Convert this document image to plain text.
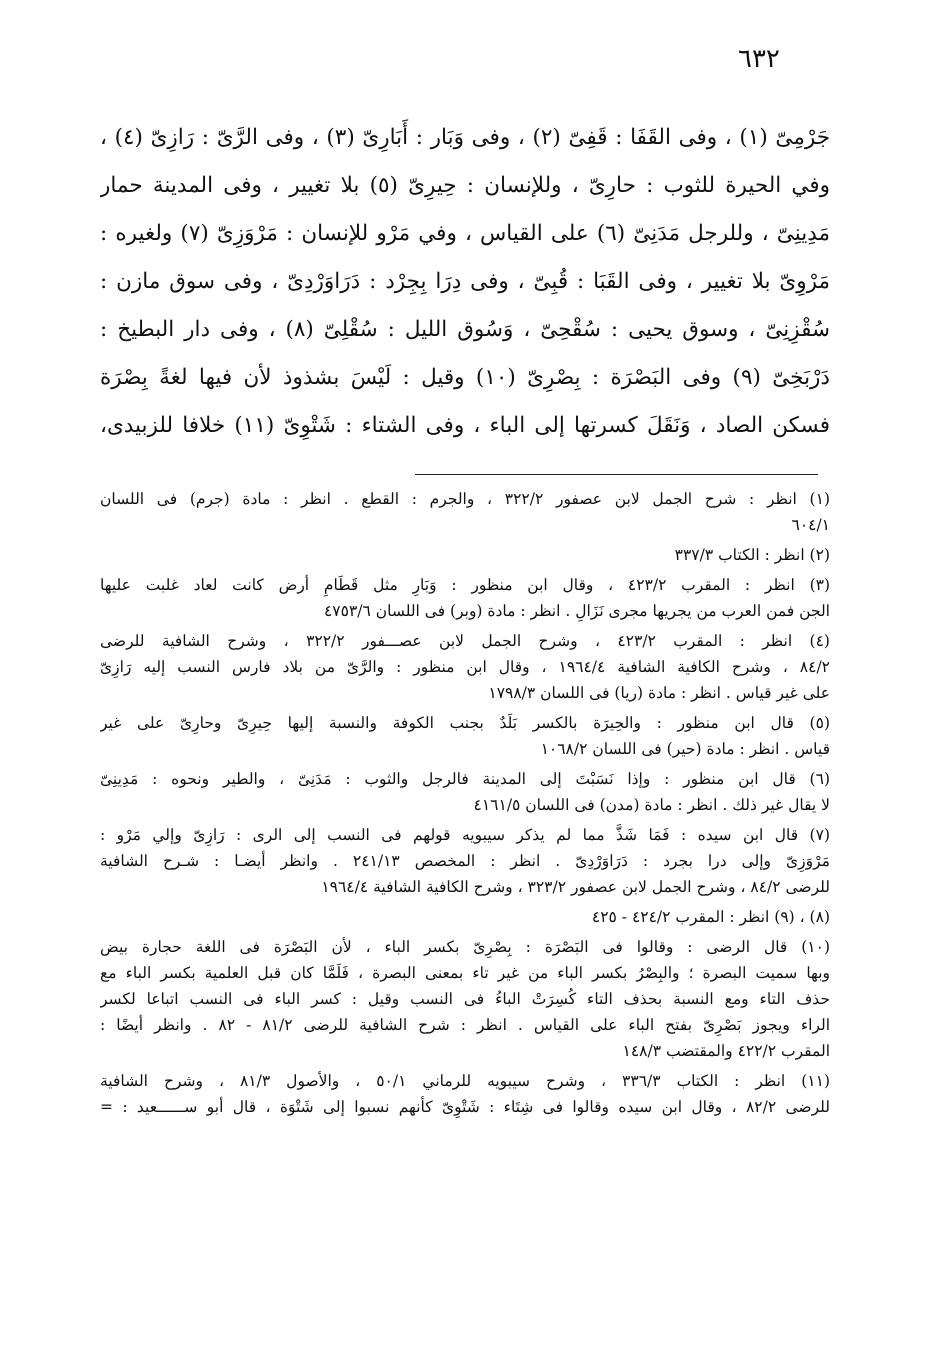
٦٣٢

جَرْمِىّ (١) ، وفى القَفَا : قَفِىّ (٢) ، وفى وَبَار : أَبَارِىّ (٣) ، وفى الرَّىّ : رَازِىّ (٤) ،
وفي الحيرة للثوب : حارِىّ ، وللإنسان : حِيرِىّ (٥) بلا تغيير ، وفى المدينة حمار
مَدِينِىّ ، وللرجل مَدَنِىّ (٦) على القياس ، وفي مَرْو للإنسان : مَرْوَزِىّ (٧) ولغيره :
مَرْوِىّ بلا تغيير ، وفى القَبَا : قُبِىّ ، وفى دِرَا بِجِرْد : دَرَاوَرْدِىّ ، وفى سوق مازن :
سُقْزِنِىّ ، وسوق يحيى : سُقْحِىّ ، وَسُوق الليل : سُقْلِىّ (٨) ، وفى دار البطيخ :
دَرْبَخِىّ (٩) وفى البَصْرَة : بِصْرِىّ (١٠) وقيل : لَيْسَ بشذوذ لأن فيها لغةً بِصْرَة
فسكن الصاد ، وَنَقَلَ كسرتها إلى الباء ، وفى الشتاء : شَتْوِىّ (١١) خلافا للزبيدى،

(١) انظر : شرح الجمل لابن عصفور ٣٢٢/٢ ، والجرم : القطع . انظر : مادة (جرم) فى اللسان
٦٠٤/١
(٢) انظر : الكتاب ٣٣٧/٣
(٣) انظر : المقرب ٤٢٣/٢ ، وقال ابن منظور : وَبَارِ مثل قَطَامِ أرض كانت لعاد غلبت عليها
الجن فمن العرب من يجريها مجرى نَزَالِ . انظر : مادة (وبر) فى اللسان ٤٧٥٣/٦
(٤) انظر : المقرب ٤٢٣/٢ ، وشرح الجمل لابن عصـــفور ٣٢٢/٢ ، وشرح الشافية للرضى
٨٤/٢ ، وشرح الكافية الشافية ١٩٦٤/٤ ، وقال ابن منظور : والرَّىّ من بلاد فارس النسب إليه رَازِىّ
على غير قياس . انظر : مادة (ريا) فى اللسان ١٧٩٨/٣
(٥) قال ابن منظور : والحِيرَة بالكسر بَلَدٌ بجنب الكوفة والنسبة إليها حِيرِىّ وحارِىّ على غير
قياس . انظر : مادة (حير) فى اللسان ١٠٦٨/٢
(٦) قال ابن منظور : وإذا نَسَبْتَ إلى المدينة فالرجل والثوب : مَدَنِىّ ، والطير ونحوه : مَدِينِىّ
لا يقال غير ذلك . انظر : مادة (مدن) فى اللسان ٤١٦١/٥
(٧) قال ابن سيده : فَمَا شَذَّ مما لم يذكر سيبويه قولهم فى النسب إلى الرى : رَازِىّ وإلي مَرْو :
مَرْوَزِىّ وإلى درا بجرد : دَرَاوَرْدِىّ . انظر : المخصص ٢٤١/١٣ . وانظر أيضـا : شـرح الشافية
للرضى ٨٤/٢ ، وشرح الجمل لابن عصفور ٣٢٣/٢ ، وشرح الكافية الشافية ١٩٦٤/٤
(٨) ، (٩) انظر : المقرب ٤٢٤/٢ - ٤٢٥
(١٠) قال الرضى : وقالوا فى البَصْرَة : بِصْرِىّ بكسر الباء ، لأن البَصْرَة فى اللغة حجارة بيض
وبها سميت البصرة ؛ والبِصْرُ بكسر الباء من غير تاء بمعنى البصرة ، فَلَمَّا كان قبل العلمية بكسر الباء مع
حذف التاء ومع النسبة بحذف التاء كُسِرَتْ الباءُ فى النسب وقيل : كسر الباء فى النسب اتباعا لكسر
الراء ويجوز بَصْرِىّ بفتح الباء على القياس . انظر : شرح الشافية للرضى ٨١/٢ - ٨٢ . وانظر أيضًا :
المقرب ٤٢٢/٢ والمقتضب ١٤٨/٣
(١١) انظر : الكتاب ٣٣٦/٣ ، وشرح سيبويه للرماني ٥٠/١ ، والأصول ٨١/٣ ، وشرح الشافية
للرضى ٨٢/٢ ، وقال ابن سيده وقالوا فى شِتَاء : شَتْوِىّ كأنهم نسبوا إلى شَتْوَة ، قال أبو ســــــعيد : =
